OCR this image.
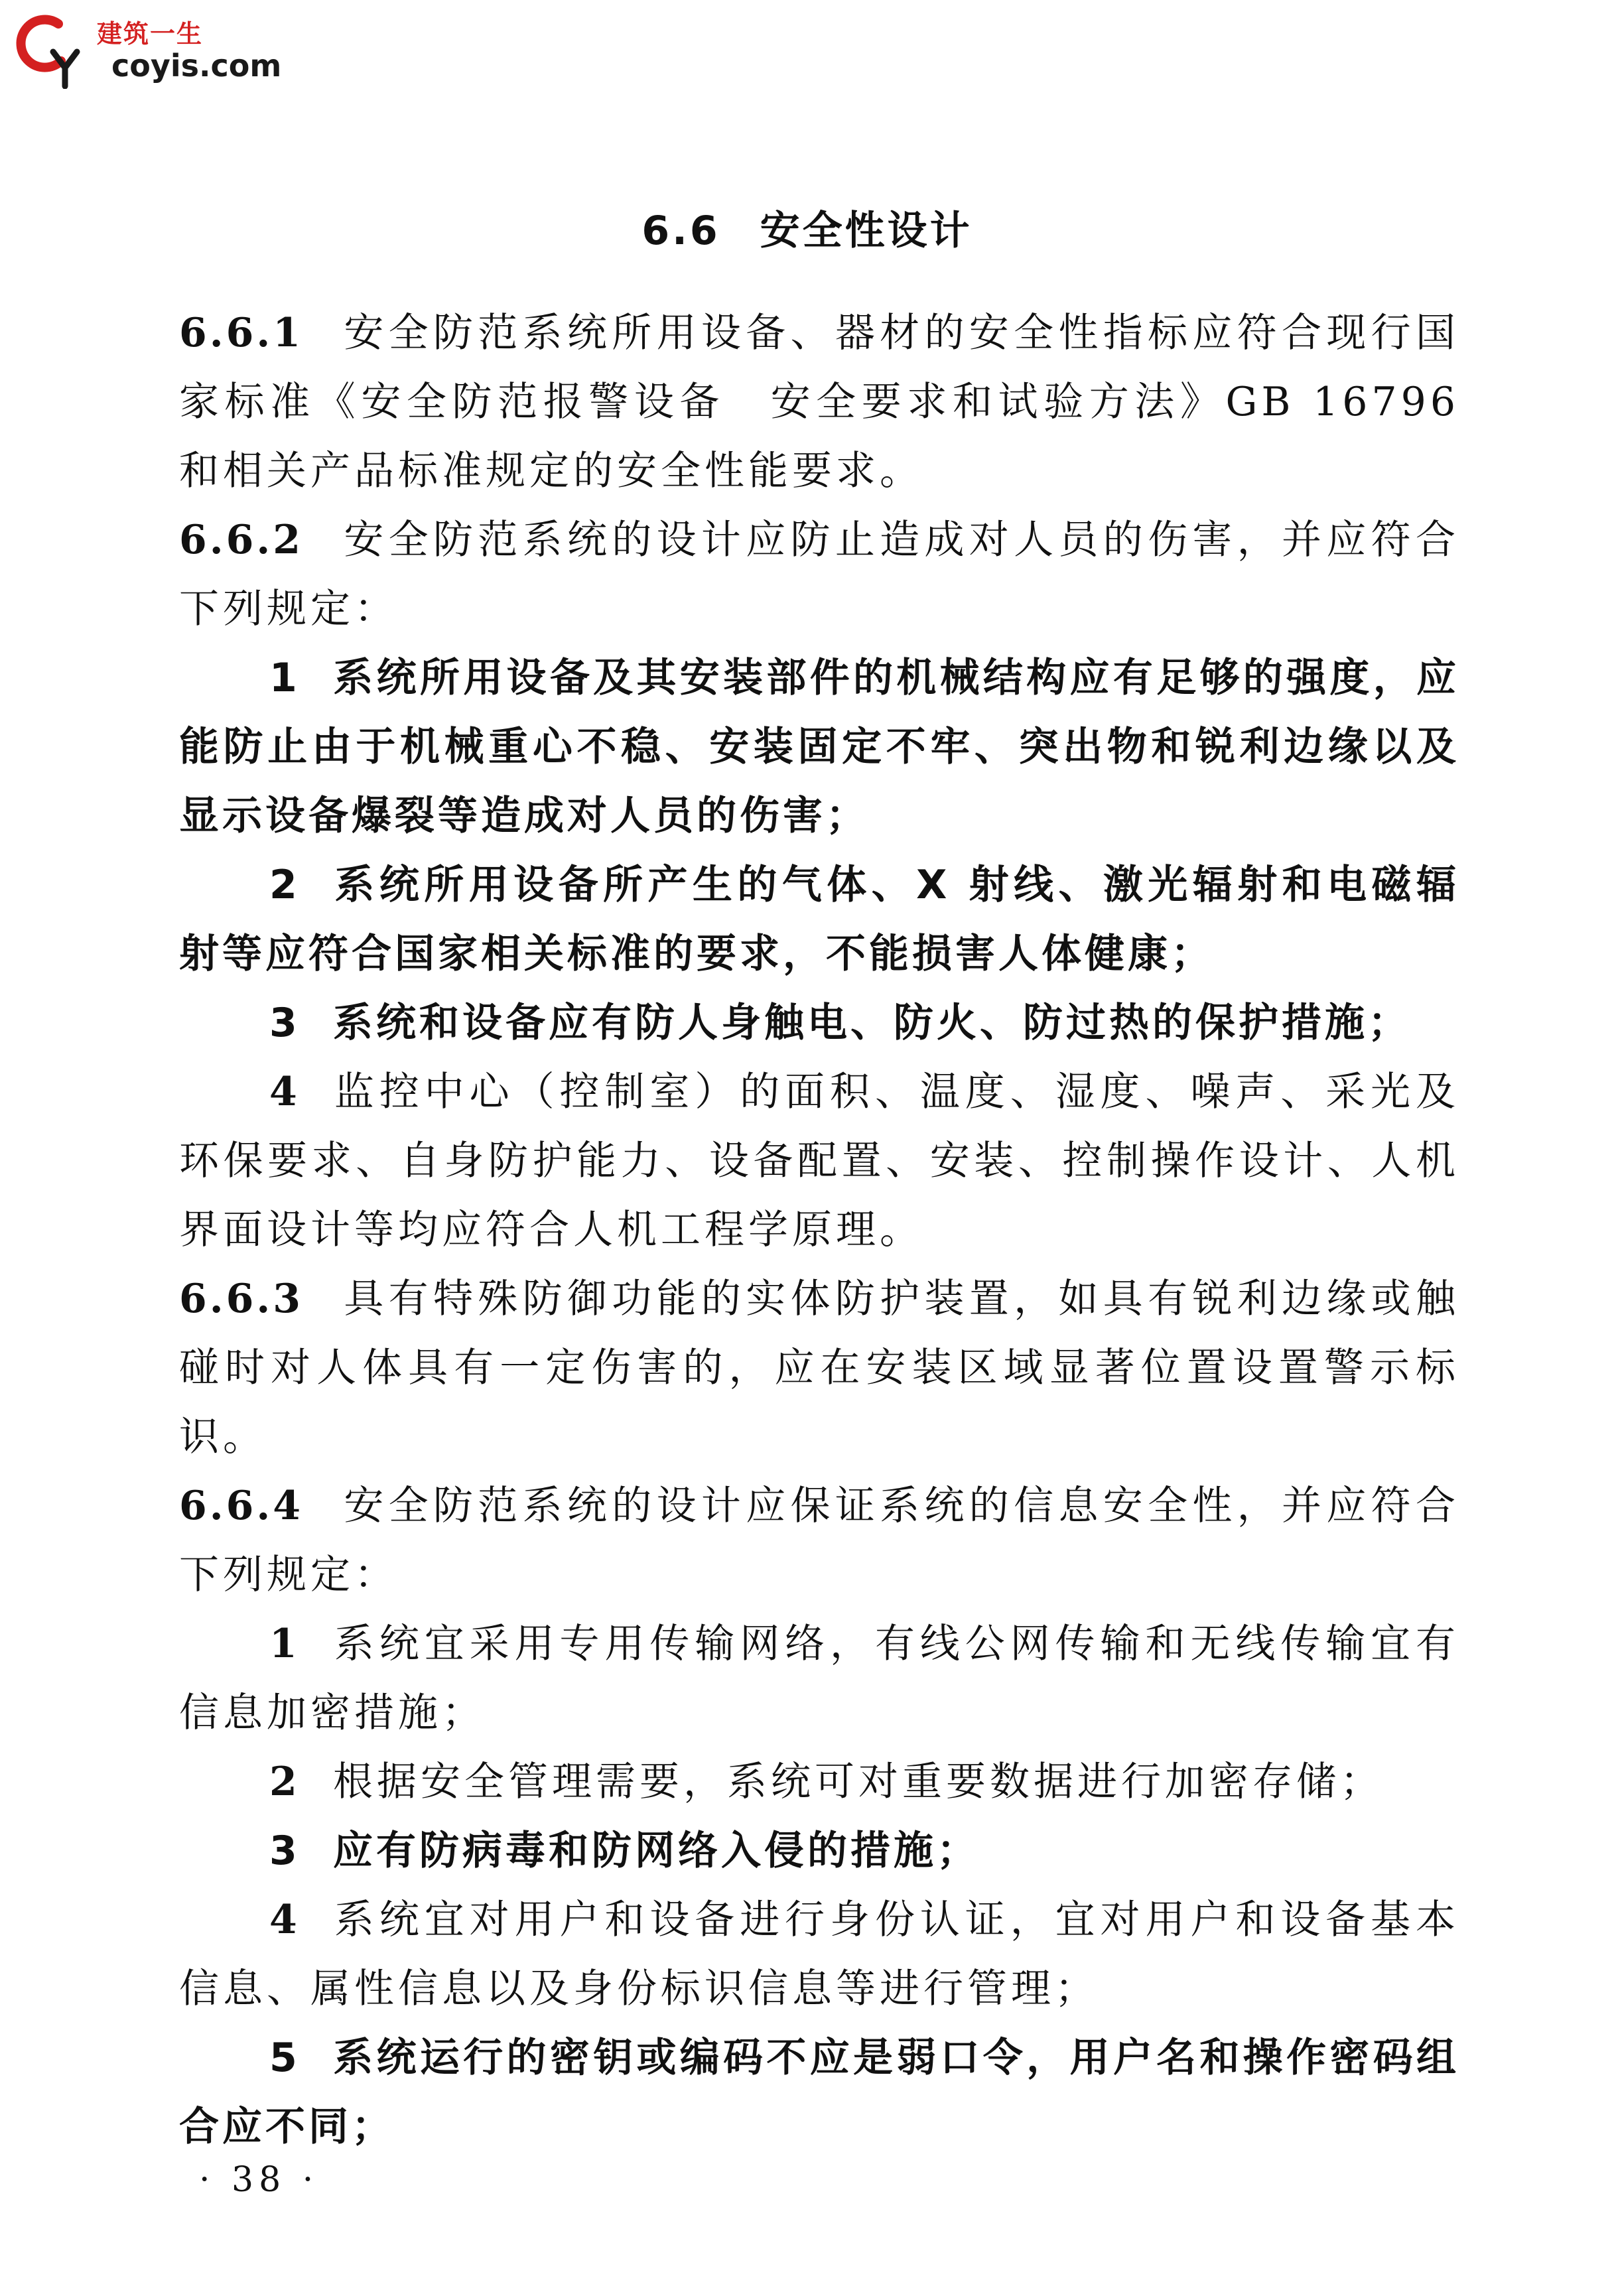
建筑一生
coyis.com
6.6 安全性设计

6.6.1 安全防范系统所用设备、器材的安全性指标应符合现行国家标准《安全防范报警设备　安全要求和试验方法》GB 16796 和相关产品标准规定的安全性能要求。

6.6.2 安全防范系统的设计应防止造成对人员的伤害，并应符合下列规定：

1 系统所用设备及其安装部件的机械结构应有足够的强度，应能防止由于机械重心不稳、安装固定不牢、突出物和锐利边缘以及显示设备爆裂等造成对人员的伤害；

2 系统所用设备所产生的气体、X 射线、激光辐射和电磁辐射等应符合国家相关标准的要求，不能损害人体健康；

3 系统和设备应有防人身触电、防火、防过热的保护措施；

4 监控中心（控制室）的面积、温度、湿度、噪声、采光及环保要求、自身防护能力、设备配置、安装、控制操作设计、人机界面设计等均应符合人机工程学原理。

6.6.3 具有特殊防御功能的实体防护装置，如具有锐利边缘或触碰时对人体具有一定伤害的，应在安装区域显著位置设置警示标识。

6.6.4 安全防范系统的设计应保证系统的信息安全性，并应符合下列规定：

1 系统宜采用专用传输网络，有线公网传输和无线传输宜有信息加密措施；

2 根据安全管理需要，系统可对重要数据进行加密存储；

3 应有防病毒和防网络入侵的措施；

4 系统宜对用户和设备进行身份认证，宜对用户和设备基本信息、属性信息以及身份标识信息等进行管理；

5 系统运行的密钥或编码不应是弱口令，用户名和操作密码组合应不同；

· 38 ·
